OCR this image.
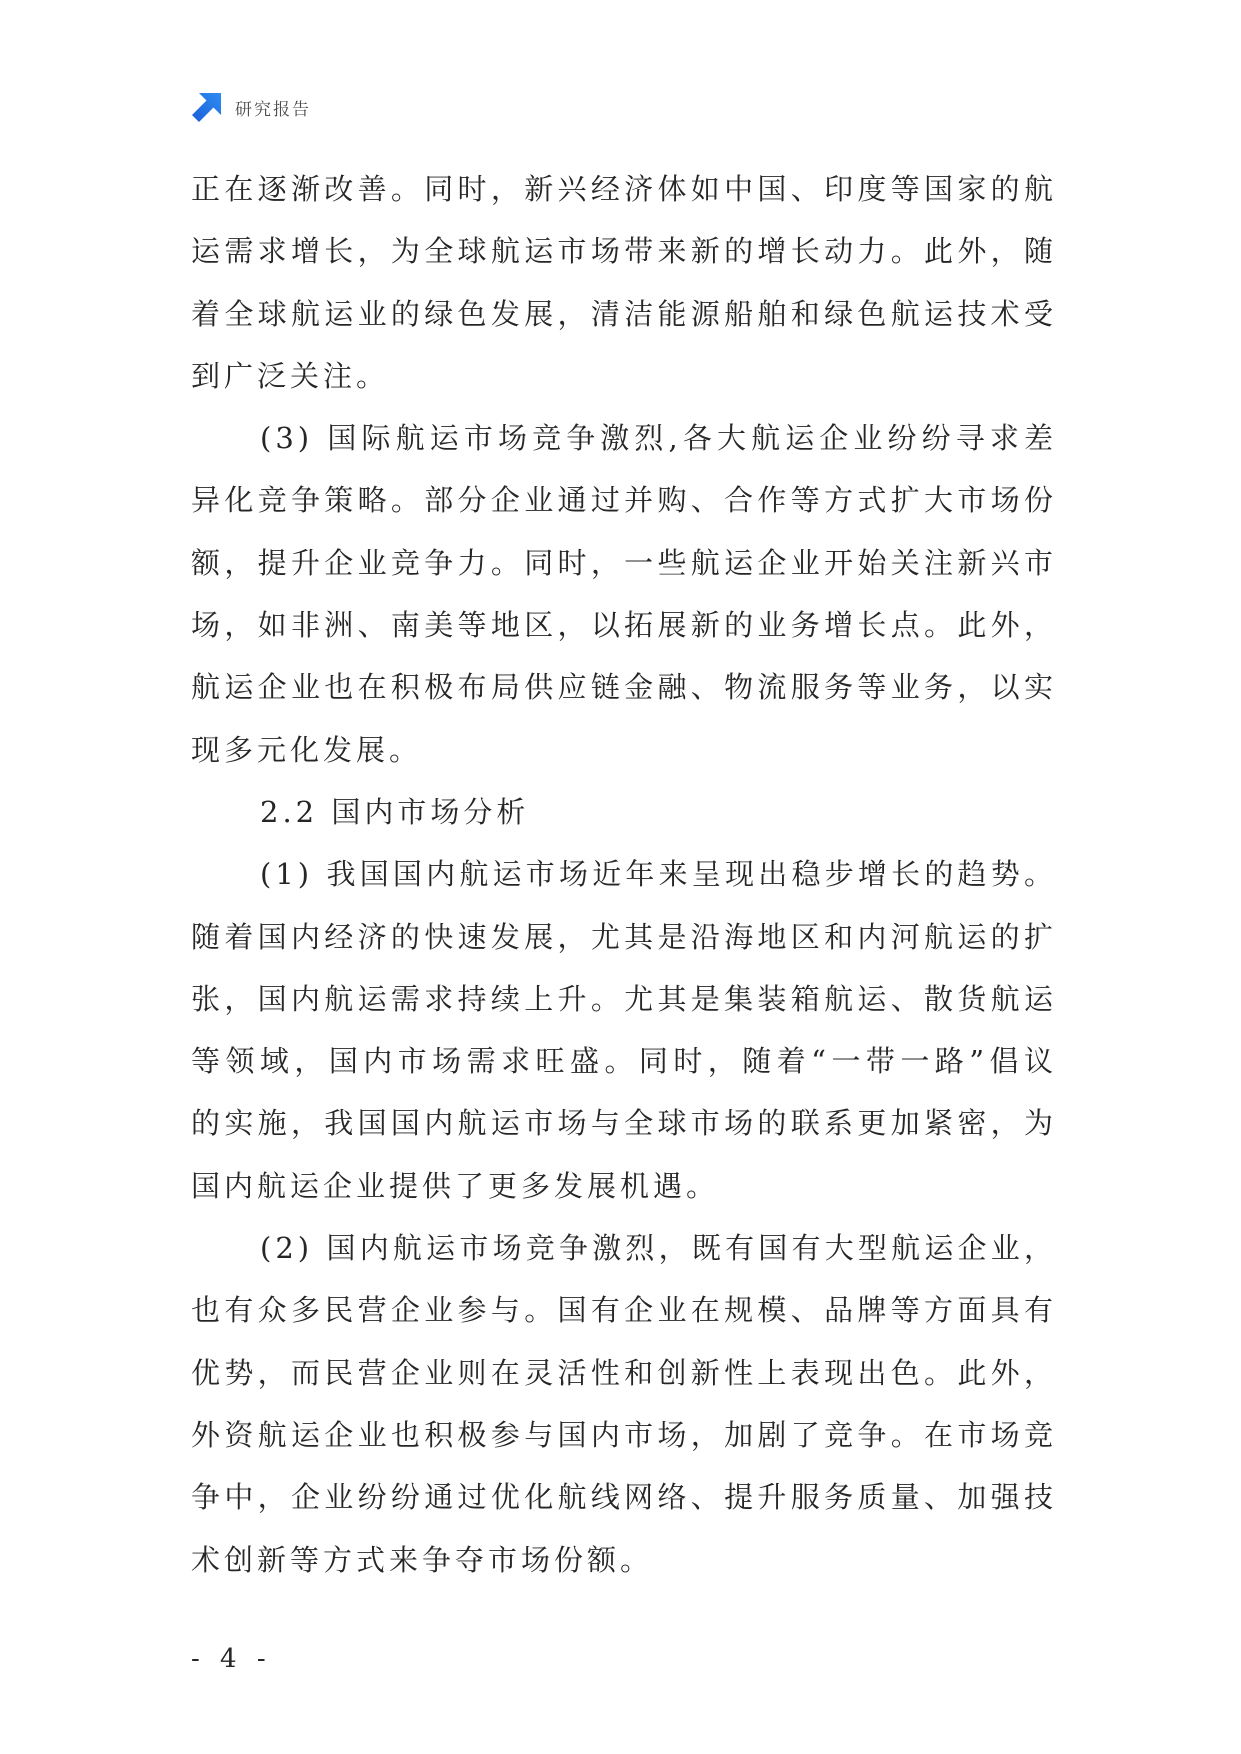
研究报告
正在逐渐改善。同时，新兴经济体如中国、印度等国家的航
运需求增长，为全球航运市场带来新的增长动力。此外，随
着全球航运业的绿色发展，清洁能源船舶和绿色航运技术受
到广泛关注。
(3) 国际航运市场竞争激烈,各大航运企业纷纷寻求差
异化竞争策略。部分企业通过并购、合作等方式扩大市场份
额，提升企业竞争力。同时，一些航运企业开始关注新兴市
场，如非洲、南美等地区，以拓展新的业务增长点。此外，
航运企业也在积极布局供应链金融、物流服务等业务，以实
现多元化发展。
2.2 国内市场分析
(1) 我国国内航运市场近年来呈现出稳步增长的趋势。
随着国内经济的快速发展，尤其是沿海地区和内河航运的扩
张，国内航运需求持续上升。尤其是集装箱航运、散货航运
等领域，国内市场需求旺盛。同时，随着“一带一路”倡议
的实施，我国国内航运市场与全球市场的联系更加紧密，为
国内航运企业提供了更多发展机遇。
(2) 国内航运市场竞争激烈，既有国有大型航运企业，
也有众多民营企业参与。国有企业在规模、品牌等方面具有
优势，而民营企业则在灵活性和创新性上表现出色。此外，
外资航运企业也积极参与国内市场，加剧了竞争。在市场竞
争中，企业纷纷通过优化航线网络、提升服务质量、加强技
术创新等方式来争夺市场份额。
- 4 -
